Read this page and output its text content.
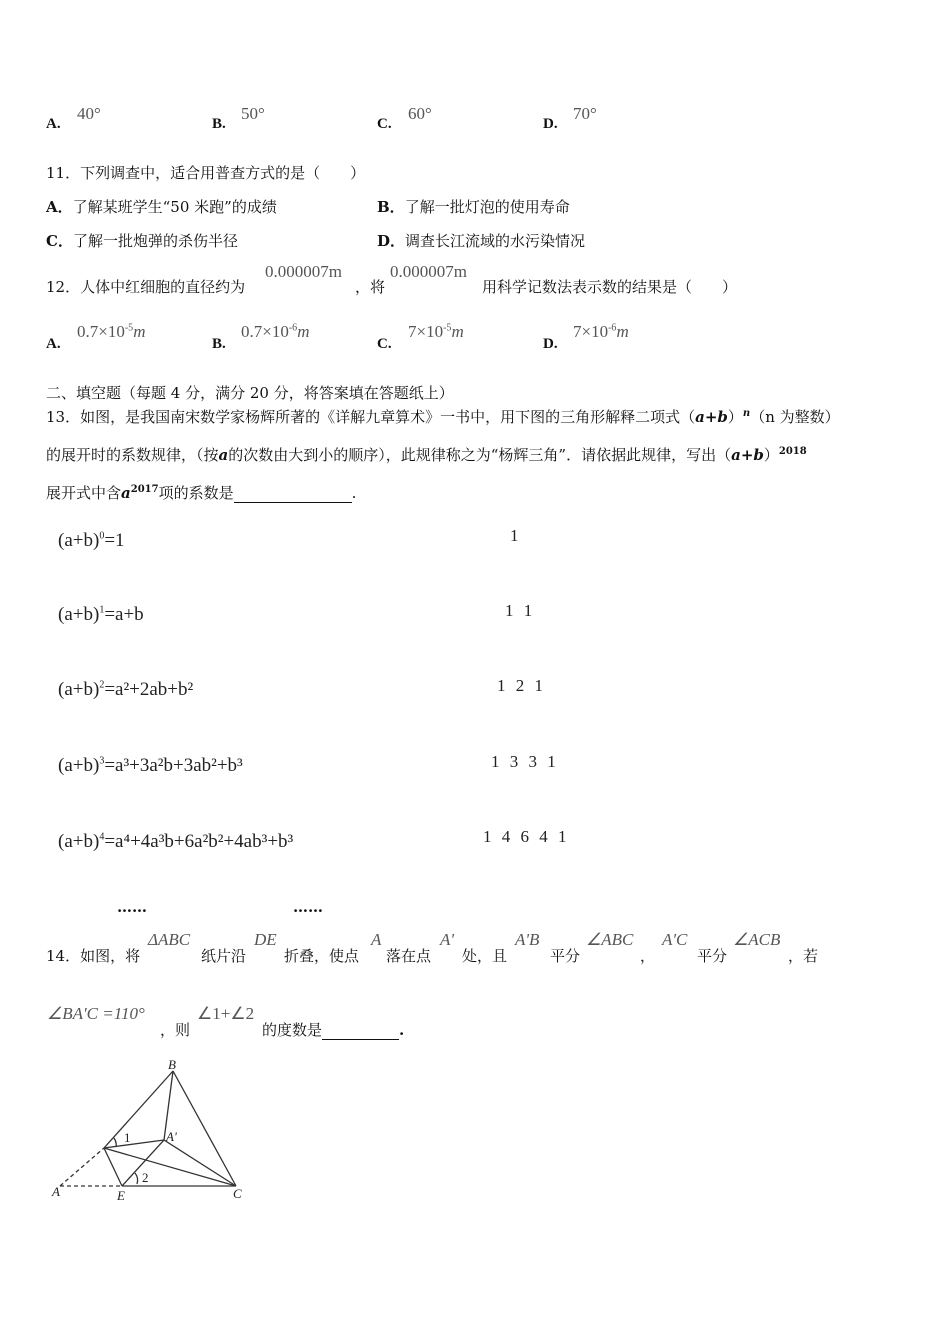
A.
40°
B.
50°
C.
60°
D.
70°
11．下列调查中，适合用普查方式的是（　　）
A．了解某班学生“50 米跑”的成绩	B．了解一批灯泡的使用寿命
C．了解一批炮弹的杀伤半径	D．调查长江流域的水污染情况
12．人体中红细胞的直径约为
0.000007m
，将
0.000007m
用科学记数法表示数的结果是（　　）
A.
$0.7\times 10^{-5}m$
B.
$0.7\times 10^{-6}m$
C.
$7\times 10^{-5}m$
D.
$7\times 10^{-6}m$
二、填空题（每题 4 分，满分 20 分，将答案填在答题纸上）
13．如图，是我国南宋数学家杨辉所著的《详解九章算术》一书中，用下图的三角形解释二项式$(a+b)^n(n$ 为整数）
的展开时的系数规律，（按a的次数由大到小的顺序），此规律称之为“杨辉三角”．请依据此规律，写出$(a+b)^{2018}$
展开式中含$a^{2017}$项的系数是	.
$(a+b)^0=1$	1
$(a+b)^1=a+b$	1 1
$(a+b)^2=a^2+2ab+b^2$	1 2 1
$(a+b)^3=a^3+3a^2b+3ab^2+b^3$	1 3 3 1
$(a+b)^4=a^4+4a^3b+6a^2b^2+4ab^3+b^3$	1 4 6 4 1
……	……
14．如图，将
ΔABC
纸片沿
DE
折叠，使点
A
落在点
A'
处，且
A'B
平分
∠ABC
，
A'C
平分
∠ACB
，若
∠BA'C =110°
，则
∠1+∠2
的度数是	.
B
A'
A	E	C
1
2
